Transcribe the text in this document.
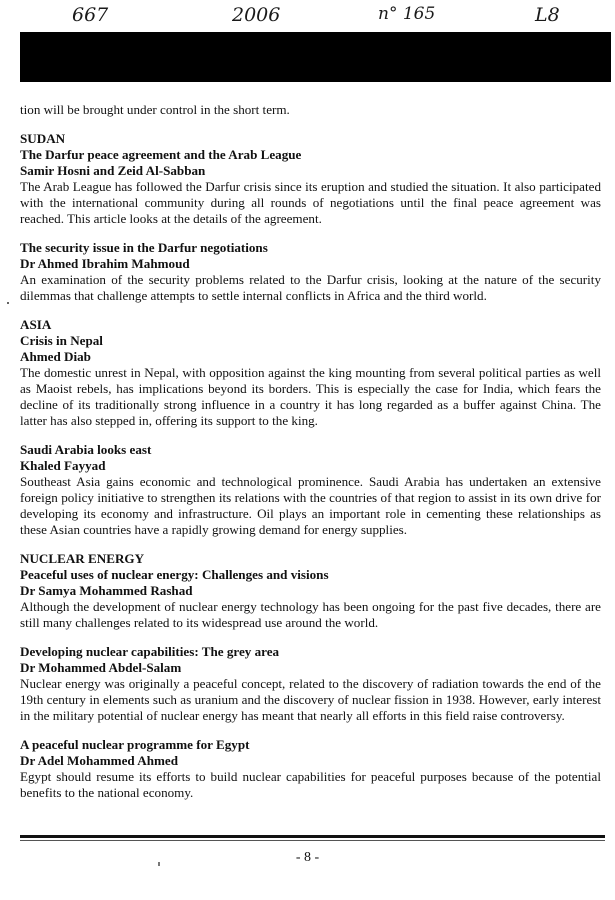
667	2006	n° 165	L8

tion will be brought under control in the short term.

SUDAN

The Darfur peace agreement and the Arab League

Samir Hosni and Zeid Al-Sabban

The Arab League has followed the Darfur crisis since its eruption and studied the situation. It also participated with the international community during all rounds of negotiations until the final peace agreement was reached. This article looks at the details of the agreement.

The security issue in the Darfur negotiations

Dr Ahmed Ibrahim Mahmoud

An examination of the security problems related to the Darfur crisis, looking at the nature of the security dilemmas that challenge attempts to settle internal conflicts in Africa and the third world.

ASIA

Crisis in Nepal

Ahmed Diab

The domestic unrest in Nepal, with opposition against the king mounting from several political parties as well as Maoist rebels, has implications beyond its borders. This is especially the case for India, which fears the decline of its traditionally strong influence in a country it has long regarded as a buffer against China. The latter has also stepped in, offering its support to the king.

Saudi Arabia looks east

Khaled Fayyad

Southeast Asia gains economic and technological prominence. Saudi Arabia has undertaken an extensive foreign policy initiative to strengthen its relations with the countries of that region to assist in its own drive for developing its economy and infrastructure. Oil plays an important role in cementing these relationships as these Asian countries have a rapidly growing demand for energy supplies.

NUCLEAR ENERGY

Peaceful uses of nuclear energy: Challenges and visions

Dr Samya Mohammed Rashad

Although the development of nuclear energy technology has been ongoing for the past five decades, there are still many challenges related to its widespread use around the world.

Developing nuclear capabilities: The grey area

Dr Mohammed Abdel-Salam

Nuclear energy was originally a peaceful concept, related to the discovery of radiation towards the end of the 19th century in elements such as uranium and the discovery of nuclear fission in 1938. However, early interest in the military potential of nuclear energy has meant that nearly all efforts in this field raise controversy.

A peaceful nuclear programme for Egypt

Dr Adel Mohammed Ahmed

Egypt should resume its efforts to build nuclear capabilities for peaceful purposes because of the potential benefits to the national economy.

- 8 -
